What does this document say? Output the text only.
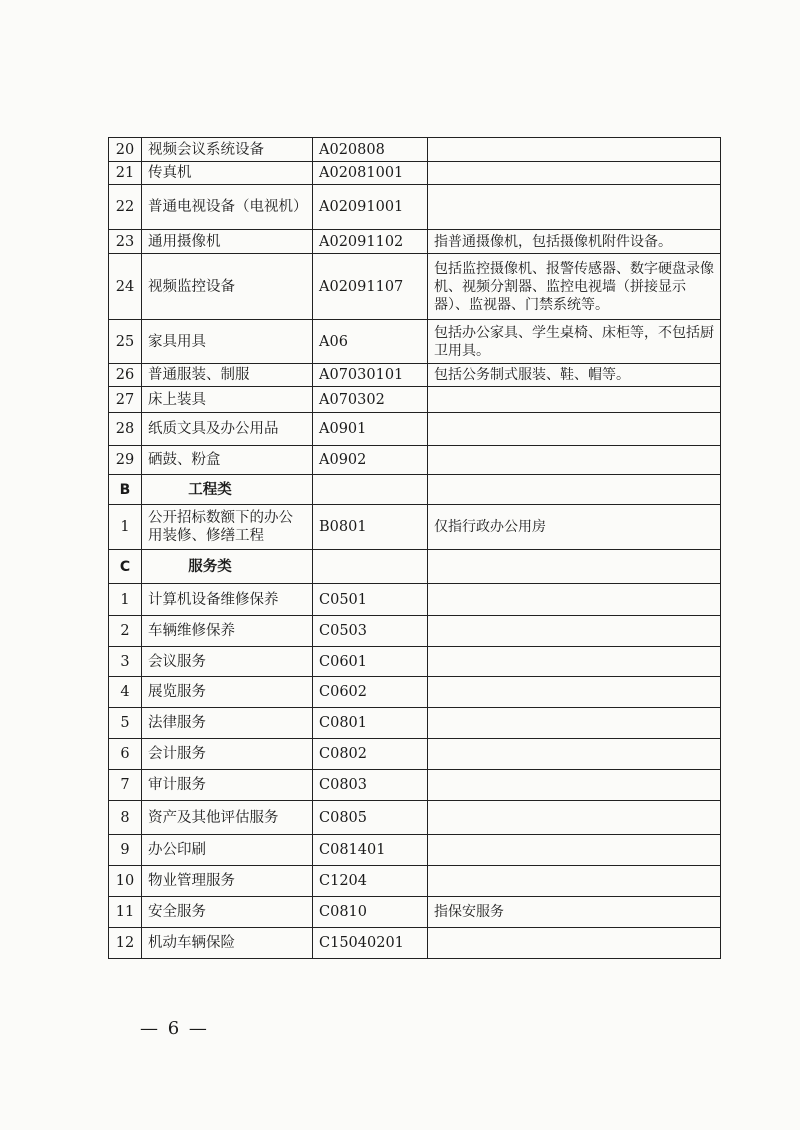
20	视频会议系统设备	A020808	
21	传真机	A02081001	
22	普通电视设备（电视机）	A02091001	
23	通用摄像机	A02091102	指普通摄像机，包括摄像机附件设备。
24	视频监控设备	A02091107	包括监控摄像机、报警传感器、数字硬盘录像机、视频分割器、监控电视墙（拼接显示器）、监视器、门禁系统等。
25	家具用具	A06	包括办公家具、学生桌椅、床柜等，不包括厨卫用具。
26	普通服装、制服	A07030101	包括公务制式服装、鞋、帽等。
27	床上装具	A070302	
28	纸质文具及办公用品	A0901	
29	硒鼓、粉盒	A0902	
B	工程类		
1	公开招标数额下的办公用装修、修缮工程	B0801	仅指行政办公用房
C	服务类		
1	计算机设备维修保养	C0501	
2	车辆维修保养	C0503	
3	会议服务	C0601	
4	展览服务	C0602	
5	法律服务	C0801	
6	会计服务	C0802	
7	审计服务	C0803	
8	资产及其他评估服务	C0805	
9	办公印刷	C081401	
10	物业管理服务	C1204	
11	安全服务	C0810	指保安服务
12	机动车辆保险	C15040201	
— 6 —
